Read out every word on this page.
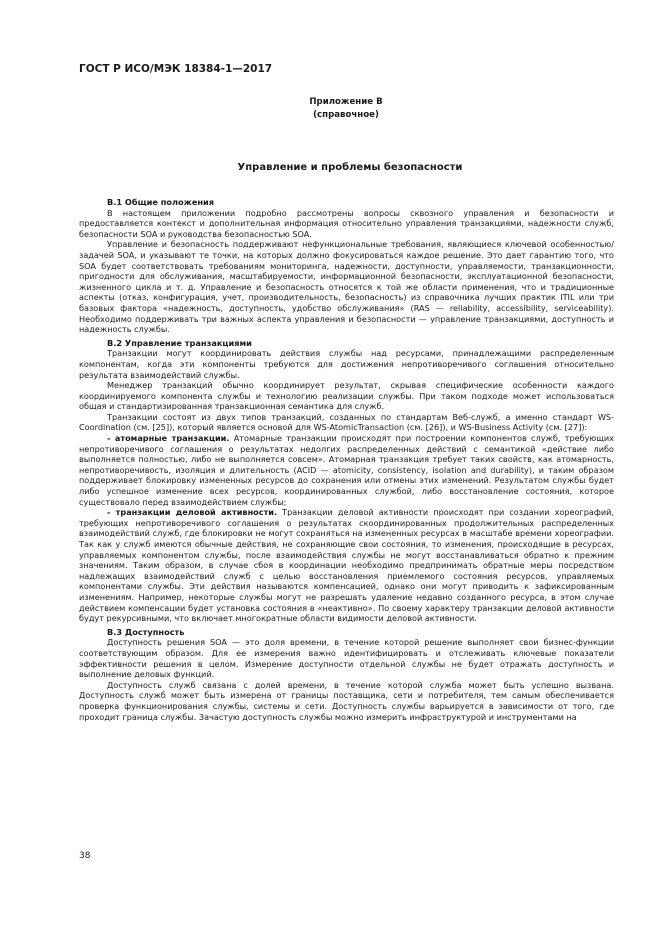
ГОСТ Р ИСО/МЭК 18384-1—2017
Приложение В
(справочное)
Управление и проблемы безопасности
В.1 Общие положения

В настоящем приложении подробно рассмотрены вопросы сквозного управления и безопасности и предоставляется контекст и дополнительная информация относительно управления транзакциями, надежности служб, безопасности SOA и руководства безопасностью SOA.

Управление и безопасность поддерживают нефункциональные требования, являющиеся ключевой особенностью/задачей SOA, и указывают те точки, на которых должно фокусироваться каждое решение. Это дает гарантию того, что SOA будет соответствовать требованиям мониторинга, надежности, доступности, управляемости, транзакционности, пригодности для обслуживания, масштабируемости, информационной безопасности, эксплуатационной безопасности, жизненного цикла и т. д. Управление и безопасность относятся к той же области применения, что и традиционные аспекты (отказ, конфигурация, учет, производительность, безопасность) из справочника лучших практик ITIL или три базовых фактора «надежность, доступность, удобство обслуживания» (RAS — reliability, accessibility, serviceability). Необходимо поддерживать три важных аспекта управления и безопасности — управление транзакциями, доступность и надежность службы.

В.2 Управление транзакциями

Транзакции могут координировать действия службы над ресурсами, принадлежащими распределенным компонентам, когда эти компоненты требуются для достижения непротиворечивого соглашения относительно результата взаимодействий службы.

Менеджер транзакций обычно координирует результат, скрывая специфические особенности каждого координируемого компонента службы и технологию реализации службы. При таком подходе может использоваться общая и стандартизированная транзакционная семантика для служб.

Транзакции состоят из двух типов транзакций, созданных по стандартам Веб-служб, а именно стандарт WS-Coordination (см. [25]), который является основой для WS-AtomicTransaction (см. [26]), и WS-Business Activity (см. [27]):

- атомарные транзакции. Атомарные транзакции происходят при построении компонентов служб, требующих непротиворечивого соглашения о результатах недолгих распределенных действий с семантикой «действие либо выполняется полностью, либо не выполняется совсем». Атомарная транзакция требует таких свойств, как атомарность, непротиворечивость, изоляция и длительность (ACID — atomicity, consistency, isolation and durability), и таким образом поддерживает блокировку измененных ресурсов до сохранения или отмены этих изменений. Результатом службы будет либо успешное изменение всех ресурсов, координированных службой, либо восстановление состояния, которое существовало перед взаимодействием службы;

- транзакции деловой активности. Транзакции деловой активности происходят при создании хореографий, требующих непротиворечивого соглашения о результатах скоординированных продолжительных распределенных взаимодействий служб, где блокировки не могут сохраняться на измененных ресурсах в масштабе времени хореографии. Так как у служб имеются обычные действия, не сохраняющие свои состояния, то изменения, происходящие в ресурсах, управляемых компонентом службы, после взаимодействия службы не могут восстанавливаться обратно к прежним значениям. Таким образом, в случае сбоя в координации необходимо предпринимать обратные меры посредством надлежащих взаимодействий служб с целью восстановления приемлемого состояния ресурсов, управляемых компонентами службы. Эти действия называются компенсацией, однако они могут приводить к зафиксированным изменениям. Например, некоторые службы могут не разрешать удаление недавно созданного ресурса, в этом случае действием компенсации будет установка состояния в «неактивно». По своему характеру транзакции деловой активности будут рекурсивными, что включает многократные области видимости деловой активности.

В.3 Доступность

Доступность решения SOA — это доля времени, в течение которой решение выполняет свои бизнес-функции соответствующим образом. Для ее измерения важно идентифицировать и отслеживать ключевые показатели эффективности решения в целом. Измерение доступности отдельной службы не будет отражать доступность и выполнение деловых функций.

Доступность служб связана с долей времени, в течение которой служба может быть успешно вызвана. Доступность служб может быть измерена от границы поставщика, сети и потребителя, тем самым обеспечивается проверка функционирования службы, системы и сети. Доступность службы варьируется в зависимости от того, где проходит граница службы. Зачастую доступность службы можно измерить инфраструктурой и инструментами на

38
